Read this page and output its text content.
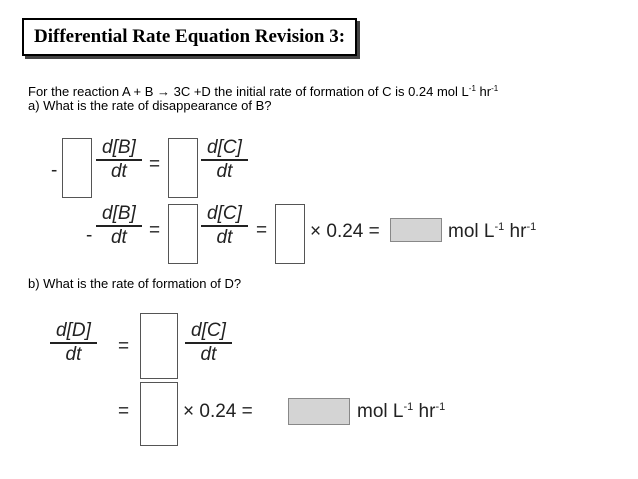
Differential Rate Equation Revision 3:
For the reaction A + B → 3C +D the initial rate of formation of C is 0.24 mol $L^{-1}$ $hr^{-1}$
a) What is the rate of disappearance of B?
-
d[B]
dt =
d[C]
dt
-
d[B]
dt =
d[C]
dt = × 0.24 =	mol $L^{-1}$ $hr^{-1}$
b) What is the rate of formation of D?
d[D]
dt =
d[C]
dt
=	× 0.24 =	mol $L^{-1}$ $hr^{-1}$
